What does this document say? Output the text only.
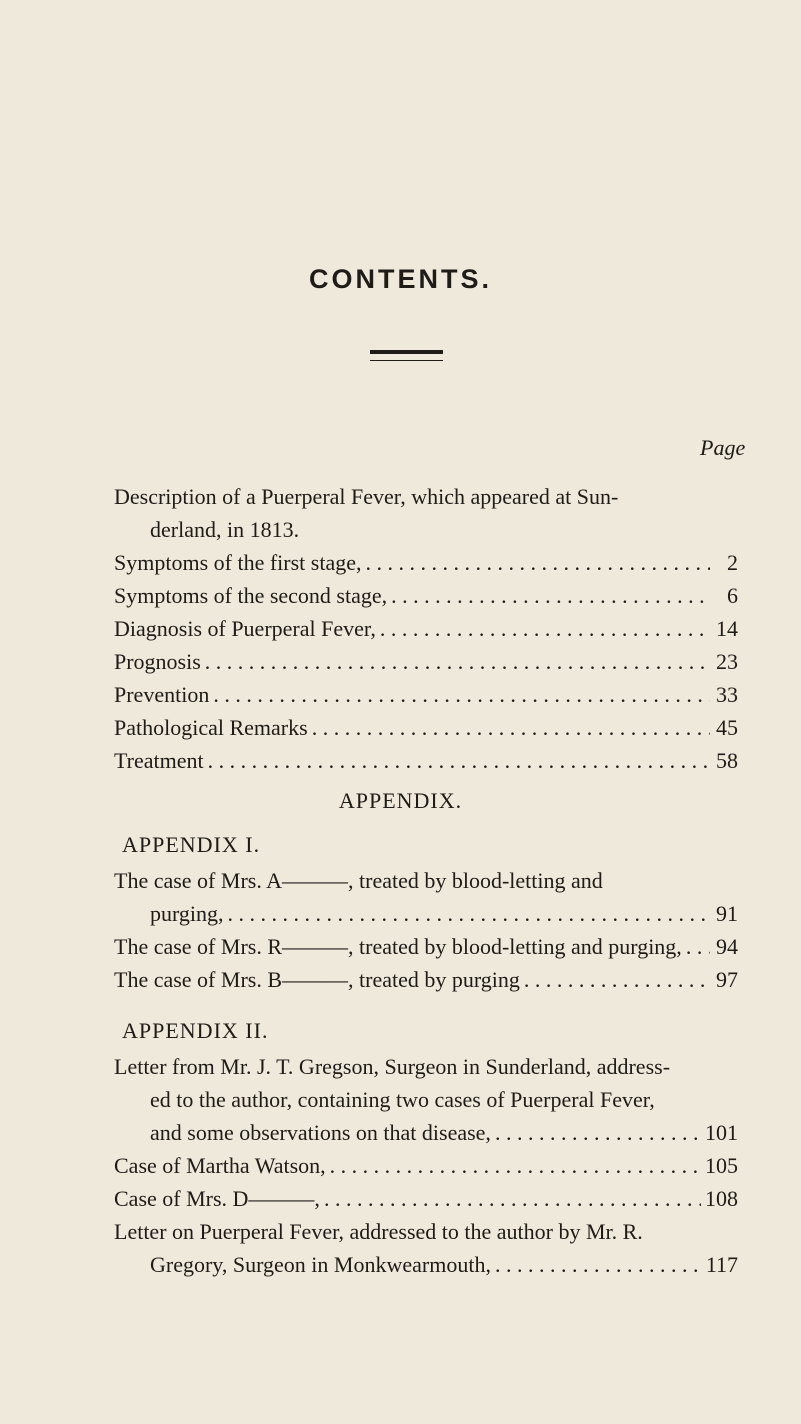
CONTENTS.
Page
Description of a Puerperal Fever, which appeared at Sun-
derland, in 1813.
Symptoms of the first stage, . . .	2
Symptoms of the second stage, . . .	6
Diagnosis of Puerperal Fever, . . .	14
Prognosis . . .	23
Prevention . . .	33
Pathological Remarks . . .	45
Treatment . . .	58
APPENDIX.
APPENDIX I.
The case of Mrs. A———, treated by blood-letting and
purging, . . .	91
The case of Mrs. R———, treated by blood-letting and purging, . . . 94
The case of Mrs. B———, treated by purging . . .	97
APPENDIX II.
Letter from Mr. J. T. Gregson, Surgeon in Sunderland, address-
ed to the author, containing two cases of Puerperal Fever,
and some observations on that disease, . . .	101
Case of Martha Watson, . . .	105
Case of Mrs. D———, . . .	108
Letter on Puerperal Fever, addressed to the author by Mr. R.
Gregory, Surgeon in Monkwearmouth, . . .	117
